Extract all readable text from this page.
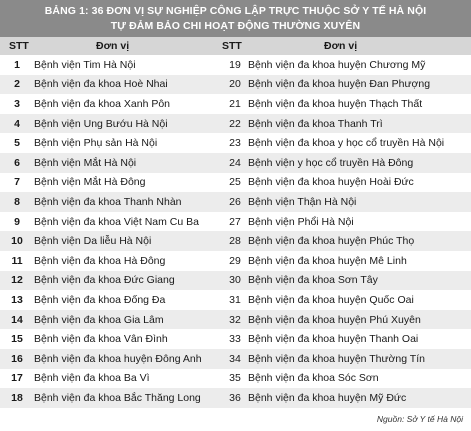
BẢNG 1: 36 ĐƠN VỊ SỰ NGHIỆP CÔNG LẬP TRỰC THUỘC SỞ Y TẾ HÀ NỘI
TỰ ĐẢM BẢO CHI HOẠT ĐỘNG THƯỜNG XUYÊN
STT	Đơn vị	STT	Đơn vị
1	Bệnh viện Tim Hà Nội	19	Bệnh viện đa khoa huyện Chương Mỹ
2	Bệnh viện đa khoa Hoè Nhai	20	Bệnh viện đa khoa huyện Đan Phượng
3	Bệnh viện đa khoa Xanh Pôn	21	Bệnh viện đa khoa huyện Thạch Thất
4	Bệnh viện Ung Bướu Hà Nội	22	Bệnh viện đa khoa Thanh Trì
5	Bệnh viện Phụ sản Hà Nội	23	Bệnh viện đa khoa y học cổ truyền Hà Nội
6	Bệnh viện Mắt Hà Nội	24	Bệnh viện y học cổ truyền Hà Đông
7	Bệnh viện Mắt Hà Đông	25	Bệnh viện đa khoa huyện Hoài Đức
8	Bệnh viện đa khoa Thanh Nhàn	26	Bệnh viện Thận Hà Nội
9	Bệnh viện đa khoa Việt Nam Cu Ba	27	Bệnh viện Phổi Hà Nội
10	Bệnh viện Da liễu Hà Nội	28	Bệnh viện đa khoa huyện Phúc Thọ
11	Bệnh viện đa khoa Hà Đông	29	Bệnh viện đa khoa huyện Mê Linh
12	Bệnh viện đa khoa Đức Giang	30	Bệnh viện đa khoa Sơn Tây
13	Bệnh viện đa khoa Đống Đa	31	Bệnh viện đa khoa huyện Quốc Oai
14	Bệnh viện đa khoa Gia Lâm	32	Bệnh viện đa khoa huyện Phú Xuyên
15	Bệnh viện đa khoa Vân Đình	33	Bệnh viện đa khoa huyện Thanh Oai
16	Bệnh viện đa khoa huyện Đông Anh	34	Bệnh viện đa khoa huyện Thường Tín
17	Bệnh viện đa khoa Ba Vì	35	Bệnh viện đa khoa Sóc Sơn
18	Bệnh viện đa khoa Bắc Thăng Long	36	Bệnh viện đa khoa huyện Mỹ Đức
Nguồn: Sở Y tế Hà Nội
